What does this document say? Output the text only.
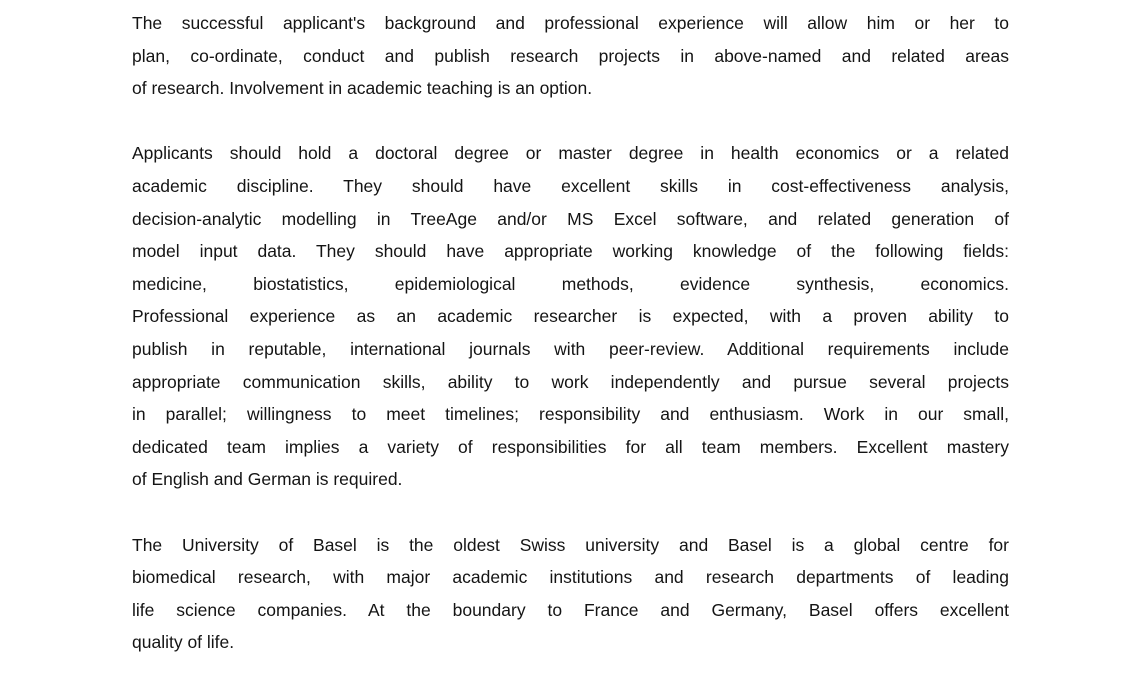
The successful applicant's background and professional experience will allow him or her to
plan, co-ordinate, conduct and publish research projects in above-named and related areas
of research. Involvement in academic teaching is an option.
Applicants should hold a doctoral degree or master degree in health economics or a related
academic discipline. They should have excellent skills in cost-effectiveness analysis,
decision-analytic modelling in TreeAge and/or MS Excel software, and related generation of
model input data. They should have appropriate working knowledge of the following fields:
medicine, biostatistics, epidemiological methods, evidence synthesis, economics.
Professional experience as an academic researcher is expected, with a proven ability to
publish in reputable, international journals with peer-review. Additional requirements include
appropriate communication skills, ability to work independently and pursue several projects
in parallel; willingness to meet timelines; responsibility and enthusiasm. Work in our small,
dedicated team implies a variety of responsibilities for all team members. Excellent mastery
of English and German is required.
The University of Basel is the oldest Swiss university and Basel is a global centre for
biomedical research, with major academic institutions and research departments of leading
life science companies. At the boundary to France and Germany, Basel offers excellent
quality of life.
